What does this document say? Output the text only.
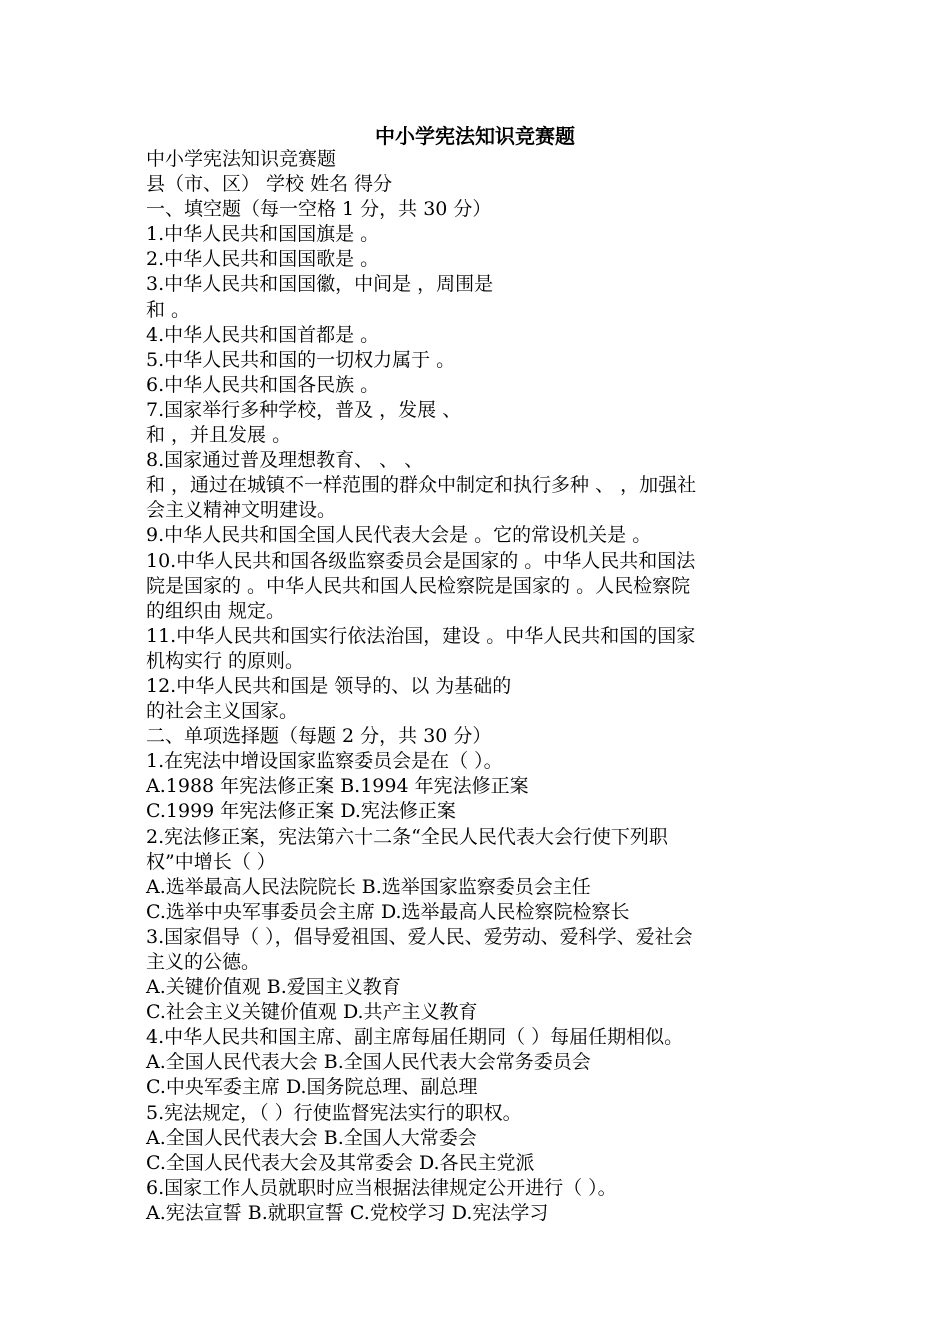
中小学宪法知识竞赛题
中小学宪法知识竞赛题
县（市、区） 学校 姓名 得分
一、填空题（每一空格 1 分，共 30 分）
1.中华人民共和国国旗是 。
2.中华人民共和国国歌是 。
3.中华人民共和国国徽，中间是 ，周围是
和 。
4.中华人民共和国首都是 。
5.中华人民共和国的一切权力属于 。
6.中华人民共和国各民族 。
7.国家举行多种学校，普及 ，发展 、
和 ，并且发展 。
8.国家通过普及理想教育、 、 、
和 ，通过在城镇不一样范围的群众中制定和执行多种 、 ，加强社
会主义精神文明建设。
9.中华人民共和国全国人民代表大会是 。它的常设机关是 。
10.中华人民共和国各级监察委员会是国家的 。中华人民共和国法
院是国家的 。中华人民共和国人民检察院是国家的 。人民检察院
的组织由 规定。
11.中华人民共和国实行依法治国，建设 。中华人民共和国的国家
机构实行 的原则。
12.中华人民共和国是 领导的、以 为基础的
的社会主义国家。
二、单项选择题（每题 2 分，共 30 分）
1.在宪法中增设国家监察委员会是在（ ）。
A.1988 年宪法修正案 B.1994 年宪法修正案
C.1999 年宪法修正案 D.宪法修正案
2.宪法修正案，宪法第六十二条“全民人民代表大会行使下列职
权”中增长（ ）
A.选举最高人民法院院长 B.选举国家监察委员会主任
C.选举中央军事委员会主席 D.选举最高人民检察院检察长
3.国家倡导（ ），倡导爱祖国、爱人民、爱劳动、爱科学、爱社会
主义的公德。
A.关键价值观 B.爱国主义教育
C.社会主义关键价值观 D.共产主义教育
4.中华人民共和国主席、副主席每届任期同（ ）每届任期相似。
A.全国人民代表大会 B.全国人民代表大会常务委员会
C.中央军委主席 D.国务院总理、副总理
5.宪法规定，（ ）行使监督宪法实行的职权。
A.全国人民代表大会 B.全国人大常委会
C.全国人民代表大会及其常委会 D.各民主党派
6.国家工作人员就职时应当根据法律规定公开进行（ ）。
A.宪法宣誓 B.就职宣誓 C.党校学习 D.宪法学习
